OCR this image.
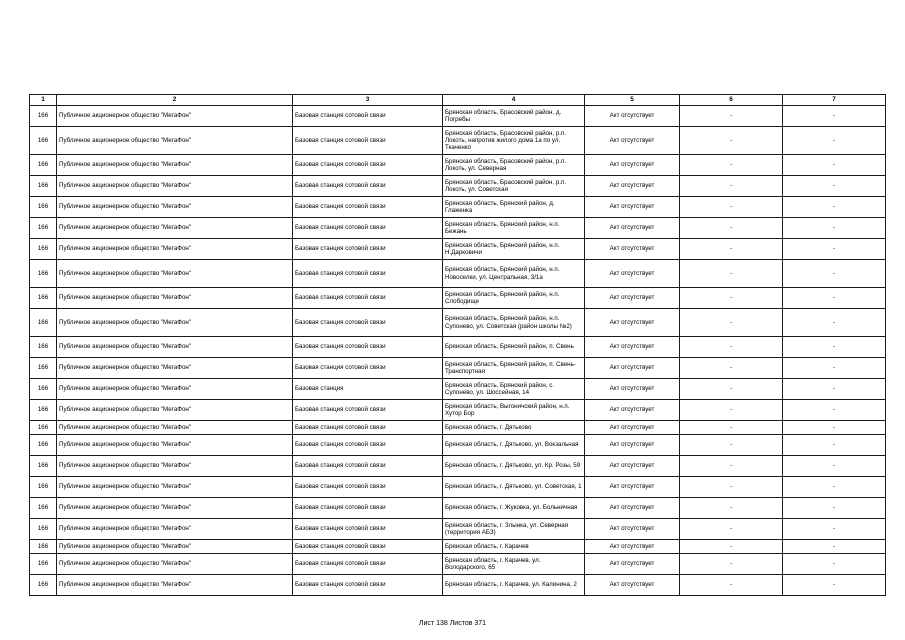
1	2	3	4	5	6	7
166	Публичное акционерное общество "МегаФон"	Базовая станция сотовой связи	Брянская область, Брасовский район, д. Погребы	Акт отсутствует	-	-
166	Публичное акционерное общество "МегаФон"	Базовая станция сотовой связи	Брянская область, Брасовский район, р.п. Локоть, напротив жилого дома 1а по ул. Ткаченко	Акт отсутствует	-	-
166	Публичное акционерное общество "МегаФон"	Базовая станция сотовой связи	Брянская область, Брасовский район, р.п. Локоть, ул. Северная	Акт отсутствует	-	-
166	Публичное акционерное общество "МегаФон"	Базовая станция сотовой связи	Брянская область, Брасовский район, р.п. Локоть, ул. Советская	Акт отсутствует	-	-
166	Публичное акционерное общество "МегаФон"	Базовая станция сотовой связи	Брянская область, Брянский район, д. Глаженка	Акт отсутствует	-	-
166	Публичное акционерное общество "МегаФон"	Базовая станция сотовой связи	Брянская область, Брянский район, н.п. Бежань	Акт отсутствует	-	-
166	Публичное акционерное общество "МегаФон"	Базовая станция сотовой связи	Брянская область, Брянский район, н.п. Н.Дарковичи	Акт отсутствует	-	-
166	Публичное акционерное общество "МегаФон"	Базовая станция сотовой связи	Брянская область, Брянский район, н.п. Новоселки, ул. Центральная, 3/1а	Акт отсутствует	-	-
166	Публичное акционерное общество "МегаФон"	Базовая станция сотовой связи	Брянская область, Брянский район, н.п. Слободище	Акт отсутствует	-	-
166	Публичное акционерное общество "МегаФон"	Базовая станция сотовой связи	Брянская область, Брянский район, н.п. Супонево, ул. Советская (район школы №2)	Акт отсутствует	-	-
166	Публичное акционерное общество "МегаФон"	Базовая станция сотовой связи	Брянская область, Брянский район, п. Свень	Акт отсутствует	-	-
166	Публичное акционерное общество "МегаФон"	Базовая станция сотовой связи	Брянская область, Брянский район, п. Свень-Транспортная	Акт отсутствует	-	-
166	Публичное акционерное общество "МегаФон"	Базовая станция	Брянская область, Брянский район, с. Супонево, ул. Шоссейная, 14	Акт отсутствует	-	-
166	Публичное акционерное общество "МегаФон"	Базовая станция сотовой связи	Брянская область, Выгоничский район, н.п. Хутор Бор	Акт отсутствует	-	-
166	Публичное акционерное общество "МегаФон"	Базовая станция сотовой связи	Брянская область, г. Дятьково	Акт отсутствует	-	-
166	Публичное акционерное общество "МегаФон"	Базовая станция сотовой связи	Брянская область, г. Дятьково, ул. Вокзальная	Акт отсутствует	-	-
166	Публичное акционерное общество "МегаФон"	Базовая станция сотовой связи	Брянская область, г. Дятьково, ул. Кр. Розы, 59	Акт отсутствует	-	-
166	Публичное акционерное общество "МегаФон"	Базовая станция сотовой связи	Брянская область, г. Дятьково, ул. Советская, 1	Акт отсутствует	-	-
166	Публичное акционерное общество "МегаФон"	Базовая станция сотовой связи	Брянская область, г. Жуковка, ул. Больничная	Акт отсутствует	-	-
166	Публичное акционерное общество "МегаФон"	Базовая станция сотовой связи	Брянская область, г. Злынка, ул. Северная (территория АБЗ)	Акт отсутствует	-	-
166	Публичное акционерное общество "МегаФон"	Базовая станция сотовой связи	Брянская область, г. Карачев	Акт отсутствует	-	-
166	Публичное акционерное общество "МегаФон"	Базовая станция сотовой связи	Брянская область, г. Карачев, ул. Володарского, 65	Акт отсутствует	-	-
166	Публичное акционерное общество "МегаФон"	Базовая станция сотовой связи	Брянская область, г. Карачев, ул. Калинина, 2	Акт отсутствует	-	-
Лист 138 Листов 371
